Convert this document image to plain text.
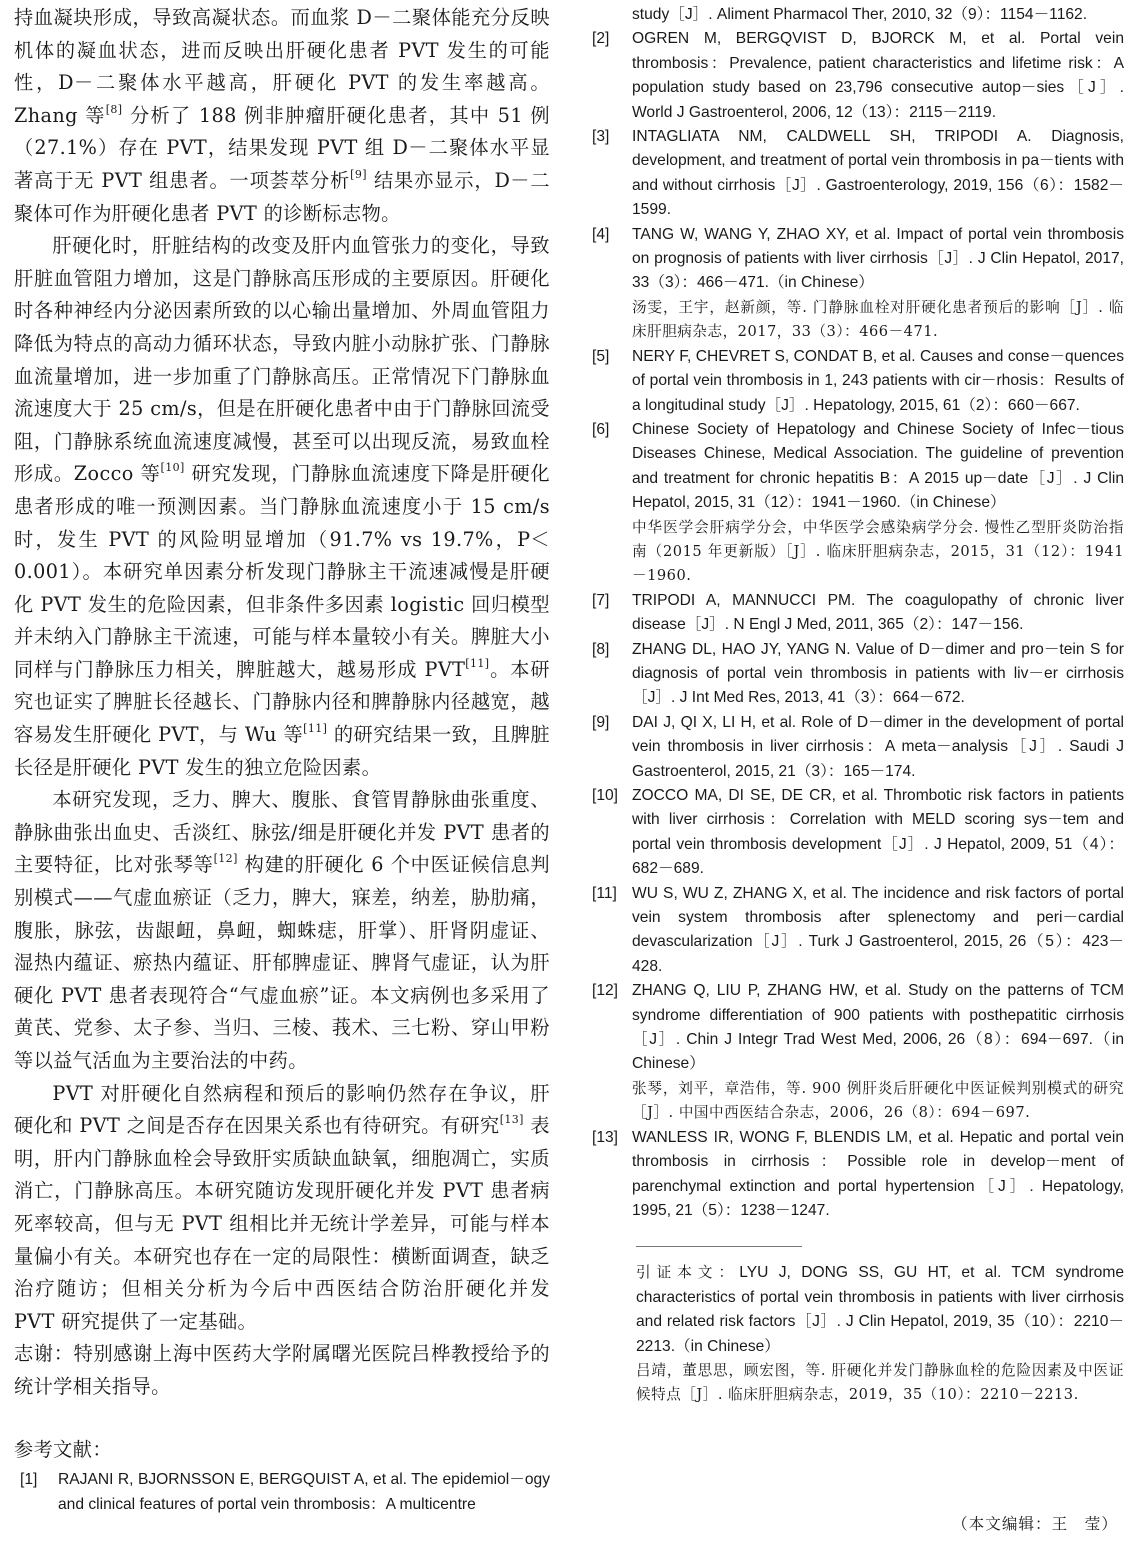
持血凝块形成，导致高凝状态。而血浆 D－二聚体能充分反映机体的凝血状态，进而反映出肝硬化患者 PVT 发生的可能性，D－二聚体水平越高，肝硬化 PVT 的发生率越高。Zhang 等[8] 分析了 188 例非肿瘤肝硬化患者，其中 51 例（27.1%）存在 PVT，结果发现 PVT 组 D－二聚体水平显著高于无 PVT 组患者。一项荟萃分析[9] 结果亦显示，D－二聚体可作为肝硬化患者 PVT 的诊断标志物。

肝硬化时，肝脏结构的改变及肝内血管张力的变化，导致肝脏血管阻力增加，这是门静脉高压形成的主要原因。肝硬化时各种神经内分泌因素所致的以心输出量增加、外周血管阻力降低为特点的高动力循环状态，导致内脏小动脉扩张、门静脉血流量增加，进一步加重了门静脉高压。正常情况下门静脉血流速度大于 25 cm/s，但是在肝硬化患者中由于门静脉回流受阻，门静脉系统血流速度减慢，甚至可以出现反流，易致血栓形成。Zocco 等[10] 研究发现，门静脉血流速度下降是肝硬化患者形成的唯一预测因素。当门静脉血流速度小于 15 cm/s 时，发生 PVT 的风险明显增加（91.7% vs 19.7%，P＜0.001）。本研究单因素分析发现门静脉主干流速减慢是肝硬化 PVT 发生的危险因素，但非条件多因素 logistic 回归模型并未纳入门静脉主干流速，可能与样本量较小有关。脾脏大小同样与门静脉压力相关，脾脏越大，越易形成 PVT[11]。本研究也证实了脾脏长径越长、门静脉内径和脾静脉内径越宽，越容易发生肝硬化 PVT，与 Wu 等[11] 的研究结果一致，且脾脏长径是肝硬化 PVT 发生的独立危险因素。

本研究发现，乏力、脾大、腹胀、食管胃静脉曲张重度、静脉曲张出血史、舌淡红、脉弦/细是肝硬化并发 PVT 患者的主要特征，比对张琴等[12] 构建的肝硬化 6 个中医证候信息判别模式——气虚血瘀证（乏力，脾大，寐差，纳差，胁肋痛，腹胀，脉弦，齿龈衄，鼻衄，蜘蛛痣，肝掌）、肝肾阴虚证、湿热内蕴证、瘀热内蕴证、肝郁脾虚证、脾肾气虚证，认为肝硬化 PVT 患者表现符合“气虚血瘀”证。本文病例也多采用了黄芪、党参、太子参、当归、三棱、莪术、三七粉、穿山甲粉等以益气活血为主要治法的中药。

PVT 对肝硬化自然病程和预后的影响仍然存在争议，肝硬化和 PVT 之间是否存在因果关系也有待研究。有研究[13] 表明，肝内门静脉血栓会导致肝实质缺血缺氧，细胞凋亡，实质消亡，门静脉高压。本研究随访发现肝硬化并发 PVT 患者病死率较高，但与无 PVT 组相比并无统计学差异，可能与样本量偏小有关。本研究也存在一定的局限性：横断面调查，缺乏治疗随访；但相关分析为今后中西医结合防治肝硬化并发 PVT 研究提供了一定基础。

志谢：特别感谢上海中医药大学附属曙光医院吕桦教授给予的统计学相关指导。

参考文献：

[1] RAJANI R, BJORNSSON E, BERGQUIST A, et al. The epidemiol－ogy and clinical features of portal vein thrombosis：A multicentre
study［J］. Aliment Pharmacol Ther, 2010, 32（9）：1154－1162.
[2]	OGREN M, BERGQVIST D, BJORCK M, et al. Portal vein thrombosis：Prevalence, patient characteristics and lifetime risk：A population study based on 23,796 consecutive autop－sies［J］. World J Gastroenterol, 2006, 12（13）：2115－2119.
[3]	INTAGLIATA NM, CALDWELL SH, TRIPODI A. Diagnosis, development, and treatment of portal vein thrombosis in pa－tients with and without cirrhosis［J］. Gastroenterology, 2019, 156（6）：1582－1599.
[4]	TANG W, WANG Y, ZHAO XY, et al. Impact of portal vein thrombosis on prognosis of patients with liver cirrhosis［J］. J Clin Hepatol, 2017, 33（3）：466－471.（in Chinese）
汤雯，王宇，赵新颜，等. 门静脉血栓对肝硬化患者预后的影响［J］. 临床肝胆病杂志，2017，33（3）：466－471.
[5]	NERY F, CHEVRET S, CONDAT B, et al. Causes and conse－quences of portal vein thrombosis in 1, 243 patients with cir－rhosis：Results of a longitudinal study［J］. Hepatology, 2015, 61（2）：660－667.
[6]	Chinese Society of Hepatology and Chinese Society of Infec－tious Diseases Chinese, Medical Association. The guideline of prevention and treatment for chronic hepatitis B：A 2015 up－date［J］. J Clin Hepatol, 2015, 31（12）：1941－1960.（in Chinese）
中华医学会肝病学分会，中华医学会感染病学分会. 慢性乙型肝炎防治指南（2015 年更新版）［J］. 临床肝胆病杂志，2015，31（12）：1941－1960.
[7]	TRIPODI A, MANNUCCI PM. The coagulopathy of chronic liver disease［J］. N Engl J Med, 2011, 365（2）：147－156.
[8]	ZHANG DL, HAO JY, YANG N. Value of D－dimer and pro－tein S for diagnosis of portal vein thrombosis in patients with liv－er cirrhosis［J］. J Int Med Res, 2013, 41（3）：664－672.
[9]	DAI J, QI X, LI H, et al. Role of D－dimer in the development of portal vein thrombosis in liver cirrhosis：A meta－analysis［J］. Saudi J Gastroenterol, 2015, 21（3）：165－174.
[10] ZOCCO MA, DI SE, DE CR, et al. Thrombotic risk factors in patients with liver cirrhosis：Correlation with MELD scoring sys－tem and portal vein thrombosis development［J］. J Hepatol, 2009, 51（4）：682－689.
[11] WU S, WU Z, ZHANG X, et al. The incidence and risk factors of portal vein system thrombosis after splenectomy and peri－cardial devascularization［J］. Turk J Gastroenterol, 2015, 26（5）：423－428.
[12] ZHANG Q, LIU P, ZHANG HW, et al. Study on the patterns of TCM syndrome differentiation of 900 patients with posthepatitic cirrhosis［J］. Chin J Integr Trad West Med, 2006, 26（8）：694－697.（in Chinese）
张琴，刘平，章浩伟，等. 900 例肝炎后肝硬化中医证候判别模式的研究［J］. 中国中西医结合杂志，2006，26（8）：694－697.
[13] WANLESS IR, WONG F, BLENDIS LM, et al. Hepatic and portal vein thrombosis in cirrhosis：Possible role in develop－ment of parenchymal extinction and portal hypertension［J］. Hepatology, 1995, 21（5）：1238－1247.
引证本文：LYU J, DONG SS, GU HT, et al. TCM syndrome characteristics of portal vein thrombosis in patients with liver cirrhosis and related risk factors［J］. J Clin Hepatol, 2019, 35（10）：2210－2213.（in Chinese）
吕靖，董思思，顾宏图，等. 肝硬化并发门静脉血栓的危险因素及中医证候特点［J］. 临床肝胆病杂志，2019，35（10）：2210－2213.
（本文编辑：王　莹）
